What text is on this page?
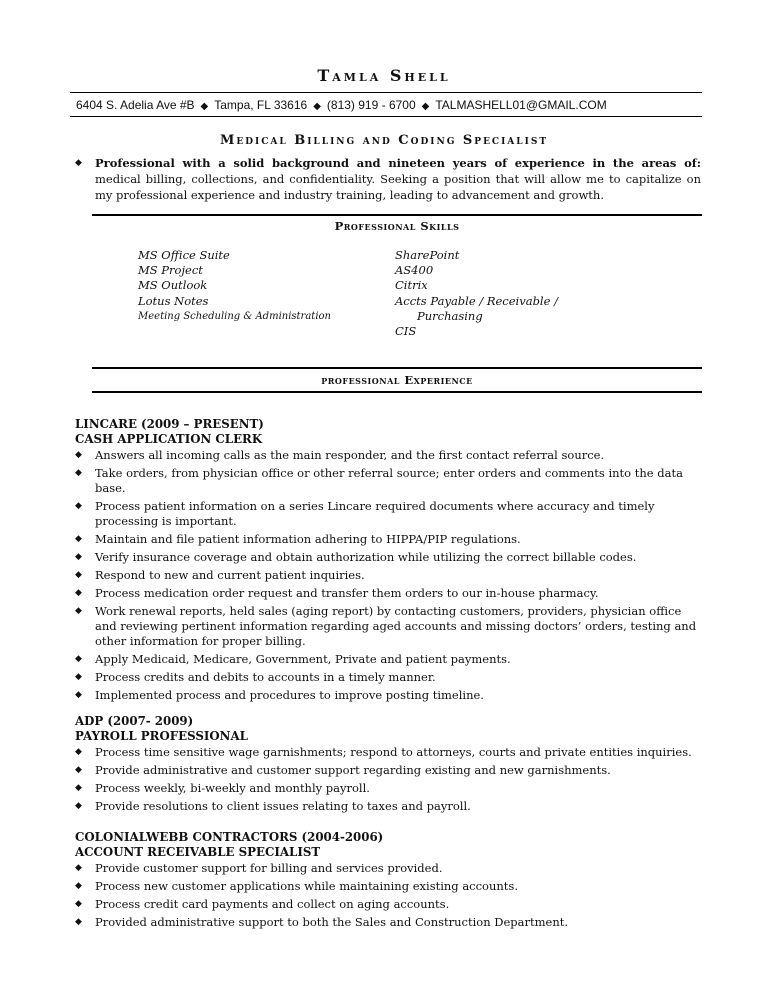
Tamla Shell
6404 S. Adelia Ave #B ◆ Tampa, FL 33616 ◆ (813) 919 - 6700 ◆ TALMASHELL01@GMAIL.COM
Medical Billing and Coding Specialist
◆ Professional with a solid background and nineteen years of experience in the areas of: medical billing, collections, and confidentiality. Seeking a position that will allow me to capitalize on my professional experience and industry training, leading to advancement and growth.
Professional Skills
MS Office Suite
MS Project
MS Outlook
Lotus Notes
Meeting Scheduling & Administration
SharePoint
AS400
Citrix
Accts Payable / Receivable /
Purchasing
CIS
professional Experience
LINCARE (2009 – PRESENT)
CASH APPLICATION CLERK
◆ Answers all incoming calls as the main responder, and the first contact referral source.
◆ Take orders, from physician office or other referral source; enter orders and comments into the data base.
◆ Process patient information on a series Lincare required documents where accuracy and timely processing is important.
◆ Maintain and file patient information adhering to HIPPA/PIP regulations.
◆ Verify insurance coverage and obtain authorization while utilizing the correct billable codes.
◆ Respond to new and current patient inquiries.
◆ Process medication order request and transfer them orders to our in-house pharmacy.
◆ Work renewal reports, held sales (aging report) by contacting customers, providers, physician office and reviewing pertinent information regarding aged accounts and missing doctors’ orders, testing and other information for proper billing.
◆ Apply Medicaid, Medicare, Government, Private and patient payments.
◆ Process credits and debits to accounts in a timely manner.
◆ Implemented process and procedures to improve posting timeline.
ADP (2007- 2009)
PAYROLL PROFESSIONAL
◆ Process time sensitive wage garnishments; respond to attorneys, courts and private entities inquiries.
◆ Provide administrative and customer support regarding existing and new garnishments.
◆ Process weekly, bi-weekly and monthly payroll.
◆ Provide resolutions to client issues relating to taxes and payroll.
COLONIALWEBB CONTRACTORS (2004-2006)
ACCOUNT RECEIVABLE SPECIALIST
◆ Provide customer support for billing and services provided.
◆ Process new customer applications while maintaining existing accounts.
◆ Process credit card payments and collect on aging accounts.
◆ Provided administrative support to both the Sales and Construction Department.
